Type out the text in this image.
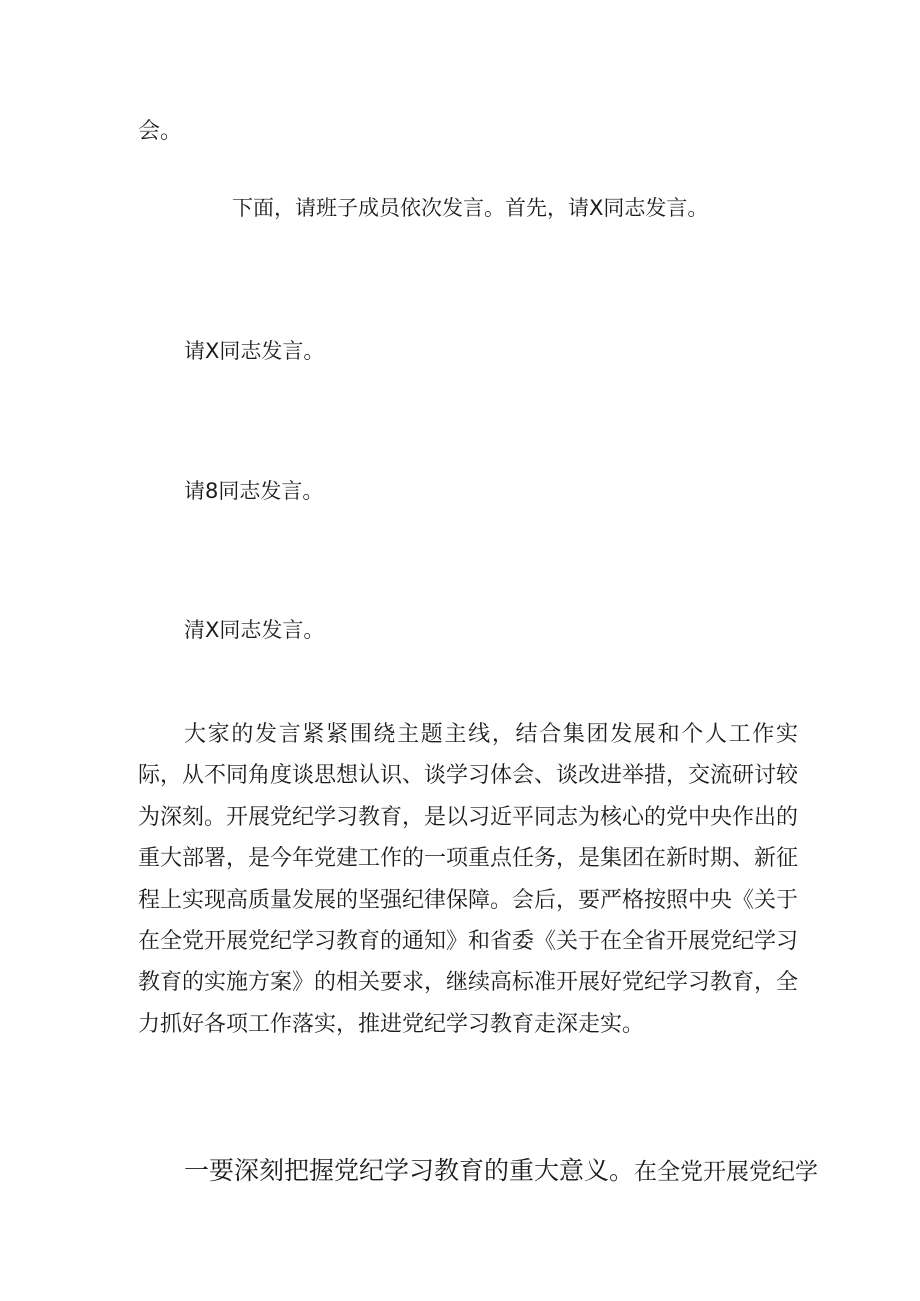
会。

下面，请班子成员依次发言。首先，请X同志发言。

请X同志发言。

请8同志发言。

清X同志发言。

大家的发言紧紧围绕主题主线，结合集团发展和个人工作实际，从不同角度谈思想认识、谈学习体会、谈改进举措，交流研讨较为深刻。开展党纪学习教育，是以习近平同志为核心的党中央作出的重大部署，是今年党建工作的一项重点任务，是集团在新时期、新征程上实现高质量发展的坚强纪律保障。会后，要严格按照中央《关于在全党开展党纪学习教育的通知》和省委《关于在全省开展党纪学习教育的实施方案》的相关要求，继续高标准开展好党纪学习教育，全力抓好各项工作落实，推进党纪学习教育走深走实。

一要深刻把握党纪学习教育的重大意义。在全党开展党纪学
